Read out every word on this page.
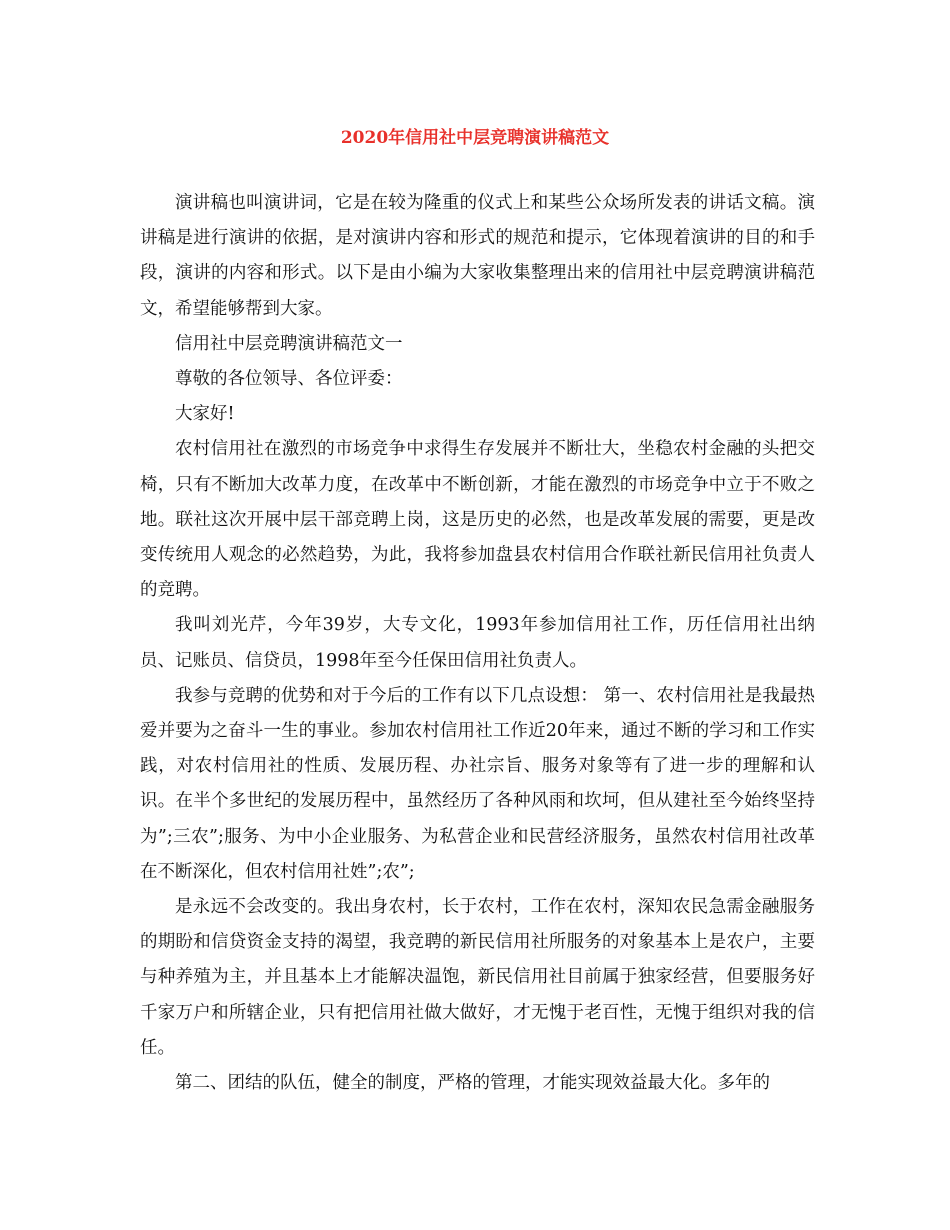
2020年信用社中层竞聘演讲稿范文

演讲稿也叫演讲词，它是在较为隆重的仪式上和某些公众场所发表的讲话文稿。演讲稿是进行演讲的依据，是对演讲内容和形式的规范和提示，它体现着演讲的目的和手段，演讲的内容和形式。以下是由小编为大家收集整理出来的信用社中层竞聘演讲稿范文，希望能够帮到大家。

信用社中层竞聘演讲稿范文一

尊敬的各位领导、各位评委：

大家好!

农村信用社在激烈的市场竞争中求得生存发展并不断壮大，坐稳农村金融的头把交椅，只有不断加大改革力度，在改革中不断创新，才能在激烈的市场竞争中立于不败之地。联社这次开展中层干部竞聘上岗，这是历史的必然，也是改革发展的需要，更是改变传统用人观念的必然趋势，为此，我将参加盘县农村信用合作联社新民信用社负责人的竞聘。

我叫刘光芹，今年39岁，大专文化，1993年参加信用社工作，历任信用社出纳员、记账员、信贷员，1998年至今任保田信用社负责人。

我参与竞聘的优势和对于今后的工作有以下几点设想： 第一、农村信用社是我最热爱并要为之奋斗一生的事业。参加农村信用社工作近20年来，通过不断的学习和工作实践，对农村信用社的性质、发展历程、办社宗旨、服务对象等有了进一步的理解和认识。在半个多世纪的发展历程中，虽然经历了各种风雨和坎坷，但从建社至今始终坚持为”;三农”;服务、为中小企业服务、为私营企业和民营经济服务，虽然农村信用社改革在不断深化，但农村信用社姓”;农”;

是永远不会改变的。我出身农村，长于农村，工作在农村，深知农民急需金融服务的期盼和信贷资金支持的渴望，我竞聘的新民信用社所服务的对象基本上是农户，主要与种养殖为主，并且基本上才能解决温饱，新民信用社目前属于独家经营，但要服务好千家万户和所辖企业，只有把信用社做大做好，才无愧于老百性，无愧于组织对我的信任。

第二、团结的队伍，健全的制度，严格的管理，才能实现效益最大化。多年的
